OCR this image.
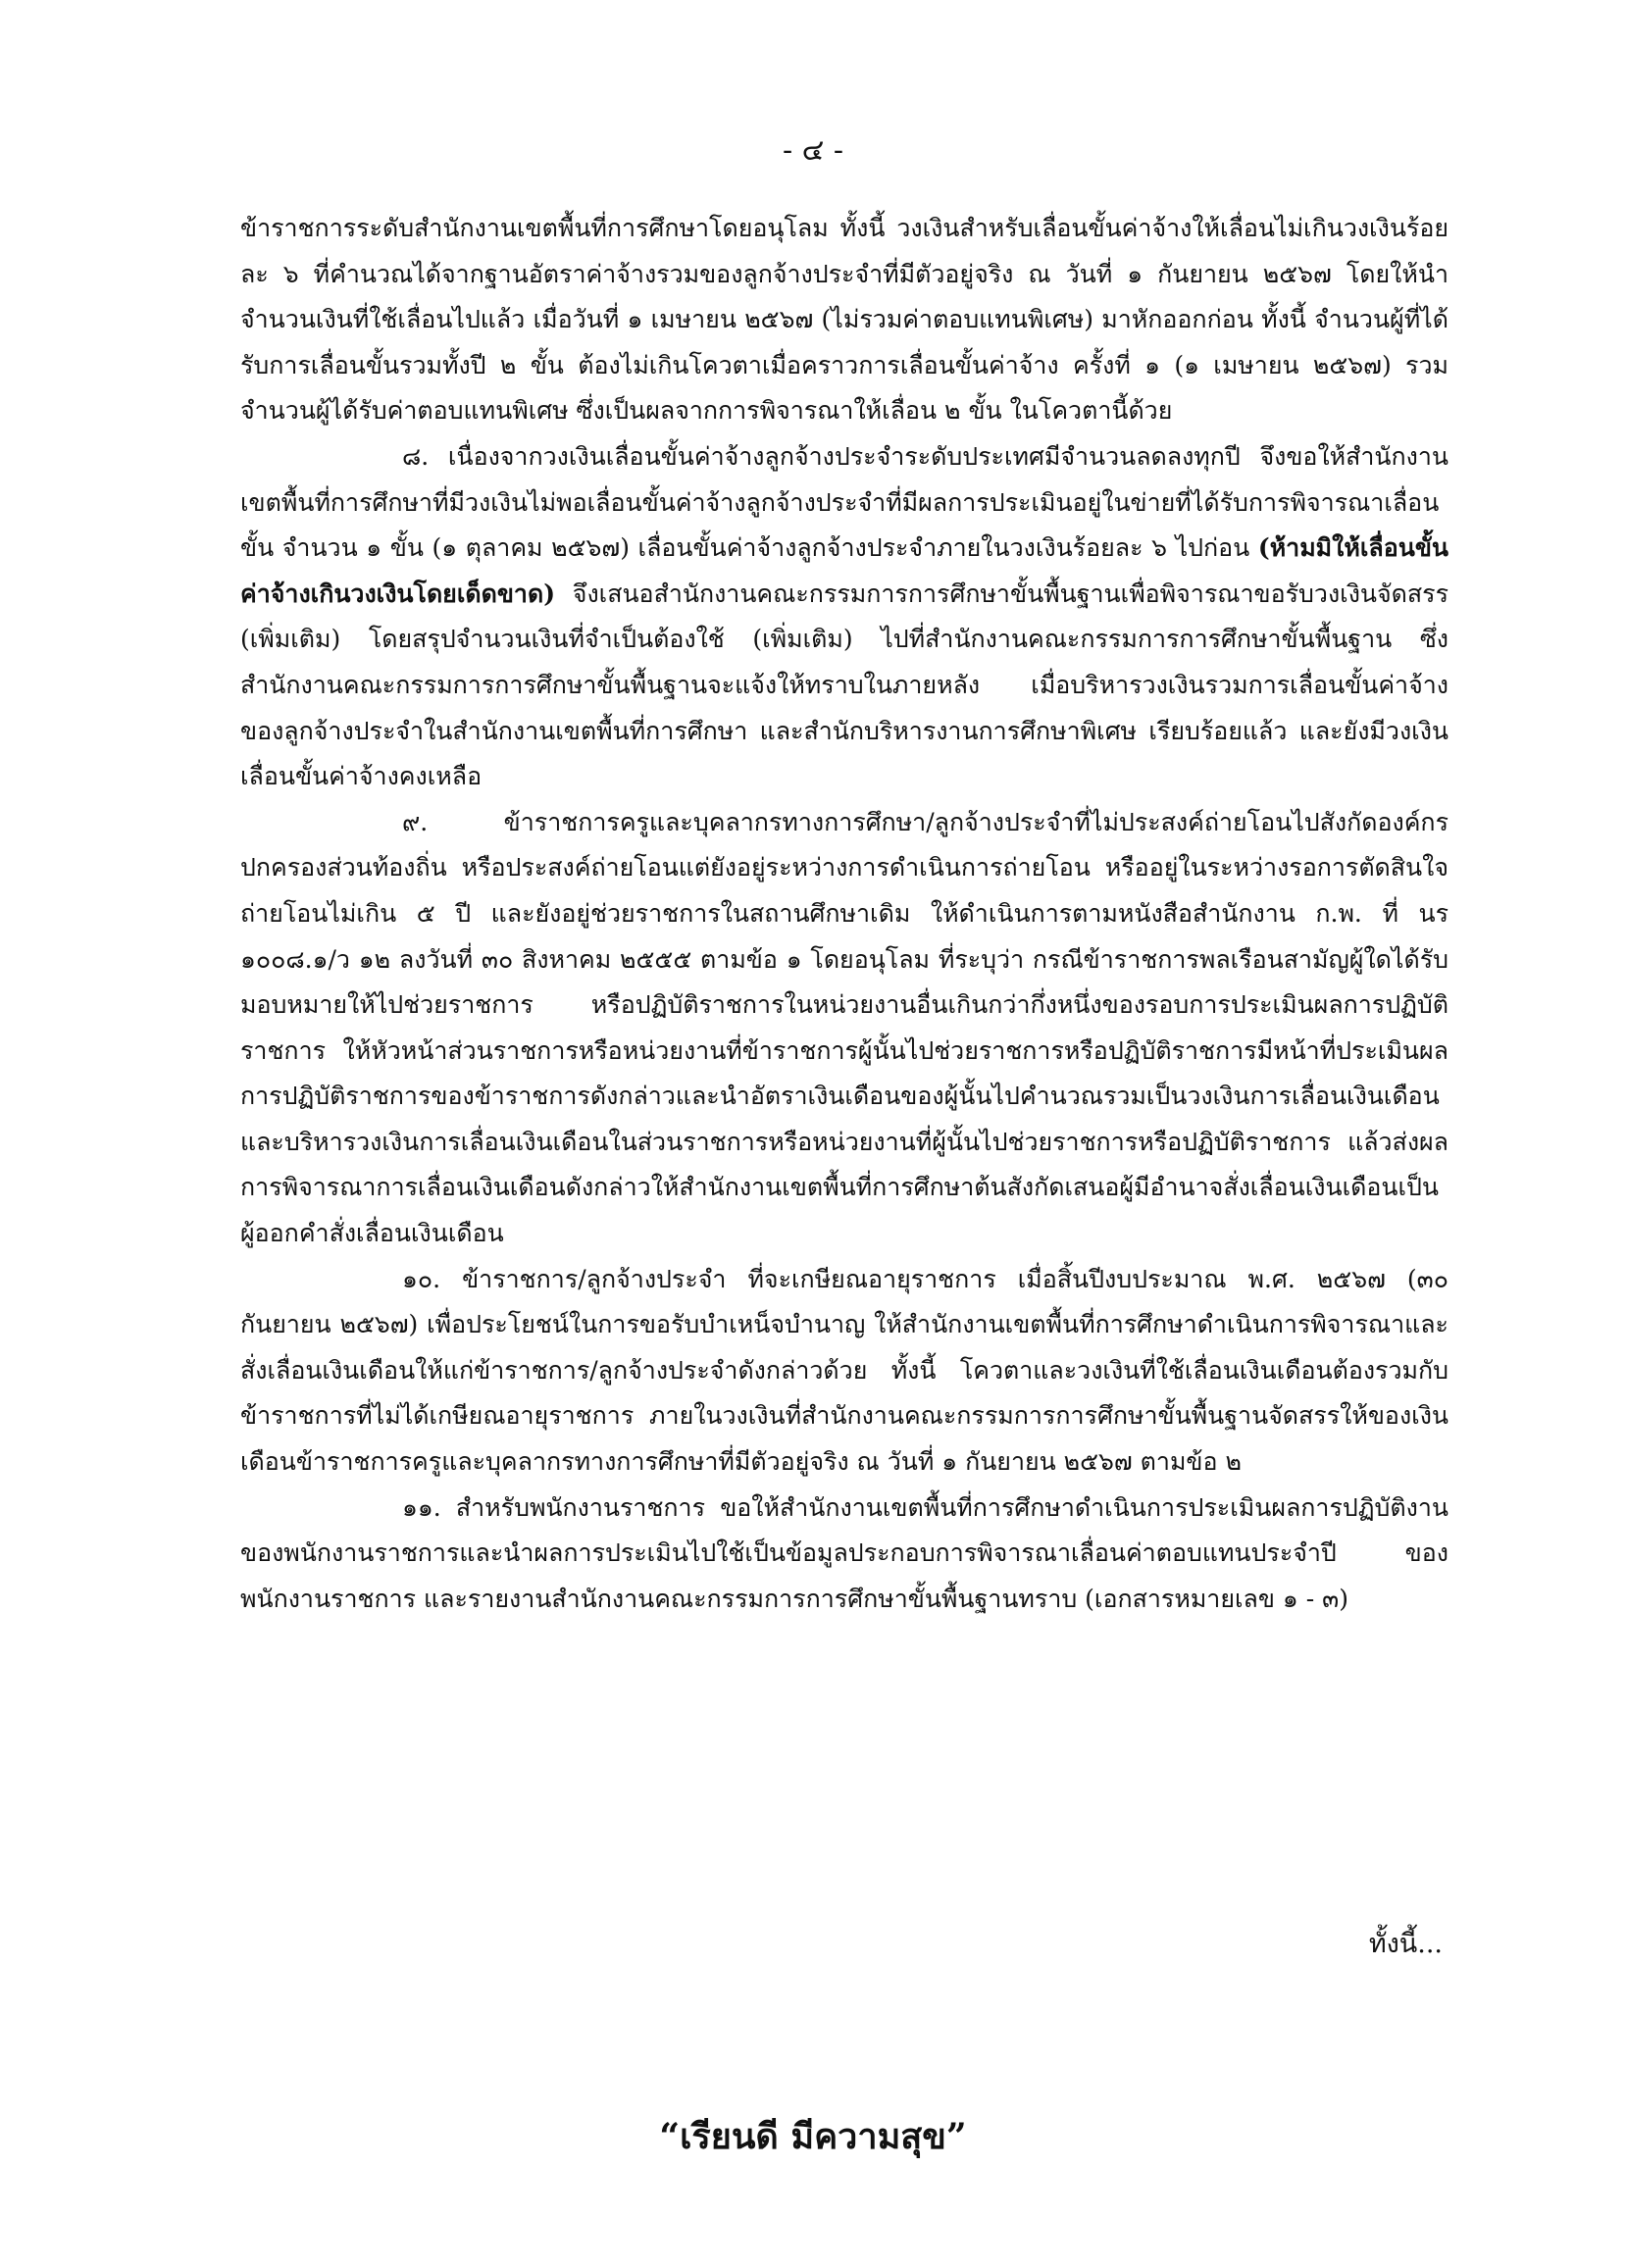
- ๔ -

ข้าราชการระดับสำนักงานเขตพื้นที่การศึกษาโดยอนุโลม ทั้งนี้ วงเงินสำหรับเลื่อนขั้นค่าจ้างให้เลื่อนไม่เกินวงเงินร้อยละ ๖ ที่คำนวณได้จากฐานอัตราค่าจ้างรวมของลูกจ้างประจำที่มีตัวอยู่จริง ณ วันที่ ๑ กันยายน ๒๕๖๗ โดยให้นำจำนวนเงินที่ใช้เลื่อนไปแล้ว เมื่อวันที่ ๑ เมษายน ๒๕๖๗ (ไม่รวมค่าตอบแทนพิเศษ) มาหักออกก่อน ทั้งนี้ จำนวนผู้ที่ได้รับการเลื่อนขั้นรวมทั้งปี ๒ ขั้น ต้องไม่เกินโควตาเมื่อคราวการเลื่อนขั้นค่าจ้าง ครั้งที่ ๑ (๑ เมษายน ๒๕๖๗) รวมจำนวนผู้ได้รับค่าตอบแทนพิเศษ ซึ่งเป็นผลจากการพิจารณาให้เลื่อน ๒ ขั้น ในโควตานี้ด้วย

๘. เนื่องจากวงเงินเลื่อนขั้นค่าจ้างลูกจ้างประจำระดับประเทศมีจำนวนลดลงทุกปี จึงขอให้สำนักงานเขตพื้นที่การศึกษาที่มีวงเงินไม่พอเลื่อนขั้นค่าจ้างลูกจ้างประจำที่มีผลการประเมินอยู่ในข่ายที่ได้รับการพิจารณาเลื่อนขั้น จำนวน ๑ ขั้น (๑ ตุลาคม ๒๕๖๗) เลื่อนขั้นค่าจ้างลูกจ้างประจำภายในวงเงินร้อยละ ๖ ไปก่อน (ห้ามมิให้เลื่อนขั้นค่าจ้างเกินวงเงินโดยเด็ดขาด) จึงเสนอสำนักงานคณะกรรมการการศึกษาขั้นพื้นฐานเพื่อพิจารณาขอรับวงเงินจัดสรร (เพิ่มเติม) โดยสรุปจำนวนเงินที่จำเป็นต้องใช้ (เพิ่มเติม) ไปที่สำนักงานคณะกรรมการการศึกษาขั้นพื้นฐาน ซึ่งสำนักงานคณะกรรมการการศึกษาขั้นพื้นฐานจะแจ้งให้ทราบในภายหลัง เมื่อบริหารวงเงินรวมการเลื่อนขั้นค่าจ้างของลูกจ้างประจำในสำนักงานเขตพื้นที่การศึกษา และสำนักบริหารงานการศึกษาพิเศษ เรียบร้อยแล้ว และยังมีวงเงินเลื่อนขั้นค่าจ้างคงเหลือ

๙. ข้าราชการครูและบุคลากรทางการศึกษา/ลูกจ้างประจำที่ไม่ประสงค์ถ่ายโอนไปสังกัดองค์กรปกครองส่วนท้องถิ่น หรือประสงค์ถ่ายโอนแต่ยังอยู่ระหว่างการดำเนินการถ่ายโอน หรืออยู่ในระหว่างรอการตัดสินใจถ่ายโอนไม่เกิน ๕ ปี และยังอยู่ช่วยราชการในสถานศึกษาเดิม ให้ดำเนินการตามหนังสือสำนักงาน ก.พ. ที่ นร ๑๐๐๘.๑/ว ๑๒ ลงวันที่ ๓๐ สิงหาคม ๒๕๕๕ ตามข้อ ๑ โดยอนุโลม ที่ระบุว่า กรณีข้าราชการพลเรือนสามัญผู้ใดได้รับมอบหมายให้ไปช่วยราชการ หรือปฏิบัติราชการในหน่วยงานอื่นเกินกว่ากึ่งหนึ่งของรอบการประเมินผลการปฏิบัติราชการ ให้หัวหน้าส่วนราชการหรือหน่วยงานที่ข้าราชการผู้นั้นไปช่วยราชการหรือปฏิบัติราชการมีหน้าที่ประเมินผลการปฏิบัติราชการของข้าราชการดังกล่าวและนำอัตราเงินเดือนของผู้นั้นไปคำนวณรวมเป็นวงเงินการเลื่อนเงินเดือน และบริหารวงเงินการเลื่อนเงินเดือนในส่วนราชการหรือหน่วยงานที่ผู้นั้นไปช่วยราชการหรือปฏิบัติราชการ แล้วส่งผลการพิจารณาการเลื่อนเงินเดือนดังกล่าวให้สำนักงานเขตพื้นที่การศึกษาต้นสังกัดเสนอผู้มีอำนาจสั่งเลื่อนเงินเดือนเป็นผู้ออกคำสั่งเลื่อนเงินเดือน

๑๐. ข้าราชการ/ลูกจ้างประจำ ที่จะเกษียณอายุราชการ เมื่อสิ้นปีงบประมาณ พ.ศ. ๒๕๖๗ (๓๐ กันยายน ๒๕๖๗) เพื่อประโยชน์ในการขอรับบำเหน็จบำนาญ ให้สำนักงานเขตพื้นที่การศึกษาดำเนินการพิจารณาและสั่งเลื่อนเงินเดือนให้แก่ข้าราชการ/ลูกจ้างประจำดังกล่าวด้วย ทั้งนี้ โควตาและวงเงินที่ใช้เลื่อนเงินเดือนต้องรวมกับข้าราชการที่ไม่ได้เกษียณอายุราชการ ภายในวงเงินที่สำนักงานคณะกรรมการการศึกษาขั้นพื้นฐานจัดสรรให้ของเงินเดือนข้าราชการครูและบุคลากรทางการศึกษาที่มีตัวอยู่จริง ณ วันที่ ๑ กันยายน ๒๕๖๗ ตามข้อ ๒

๑๑. สำหรับพนักงานราชการ ขอให้สำนักงานเขตพื้นที่การศึกษาดำเนินการประเมินผลการปฏิบัติงานของพนักงานราชการและนำผลการประเมินไปใช้เป็นข้อมูลประกอบการพิจารณาเลื่อนค่าตอบแทนประจำปี ของพนักงานราชการ และรายงานสำนักงานคณะกรรมการการศึกษาขั้นพื้นฐานทราบ (เอกสารหมายเลข ๑ - ๓)

ทั้งนี้...
“เรียนดี มีความสุข”
